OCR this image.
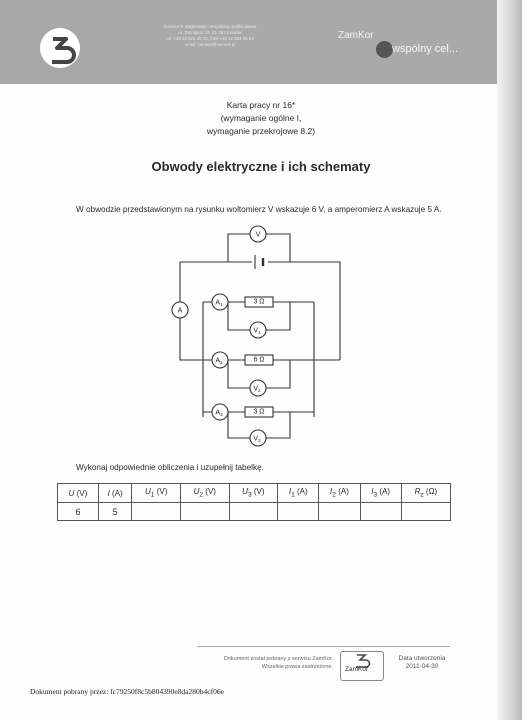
ZamKor P. Sagnowski i Wspólnicy spółka jawna
ul. Tetmajera 19, 31-352 Kraków
tel. +48 12 623 25 00, faks +48 12 623 25 24
email: zamkor@zamkor.pl
ZamKor
wspólny cel...
Karta pracy nr 16*
(wymaganie ogólne I,
wymaganie przekrojowe 8.2)
Obwody elektryczne i ich schematy
W obwodzie przedstawionym na rysunku woltomierz V wskazuje 6 V, a amperomierz A wskazuje 5 A.
V
A
$A_1$	3 Ω
$V_1$
$A_2$	6 Ω
$V_2$
$A_3$	3 Ω
$V_3$
Wykonaj odpowiednie obliczenia i uzupełnij tabelkę.
U (V)	I (A)	$U_1$ (V)	$U_2$ (V)	$U_3$ (V)	$I_1$ (A)	$I_2$ (A)	$I_3$ (A)	$R_z$ (Ω)
6	5							
Dokument został pobrany z serwisu ZamKor.
Wszelkie prawa zastrzeżone. ZamKor
Data utworzenia
2011-04-30
Dokument pobrany przez: fc79250f8c5b804390e8da280b4cf06e
